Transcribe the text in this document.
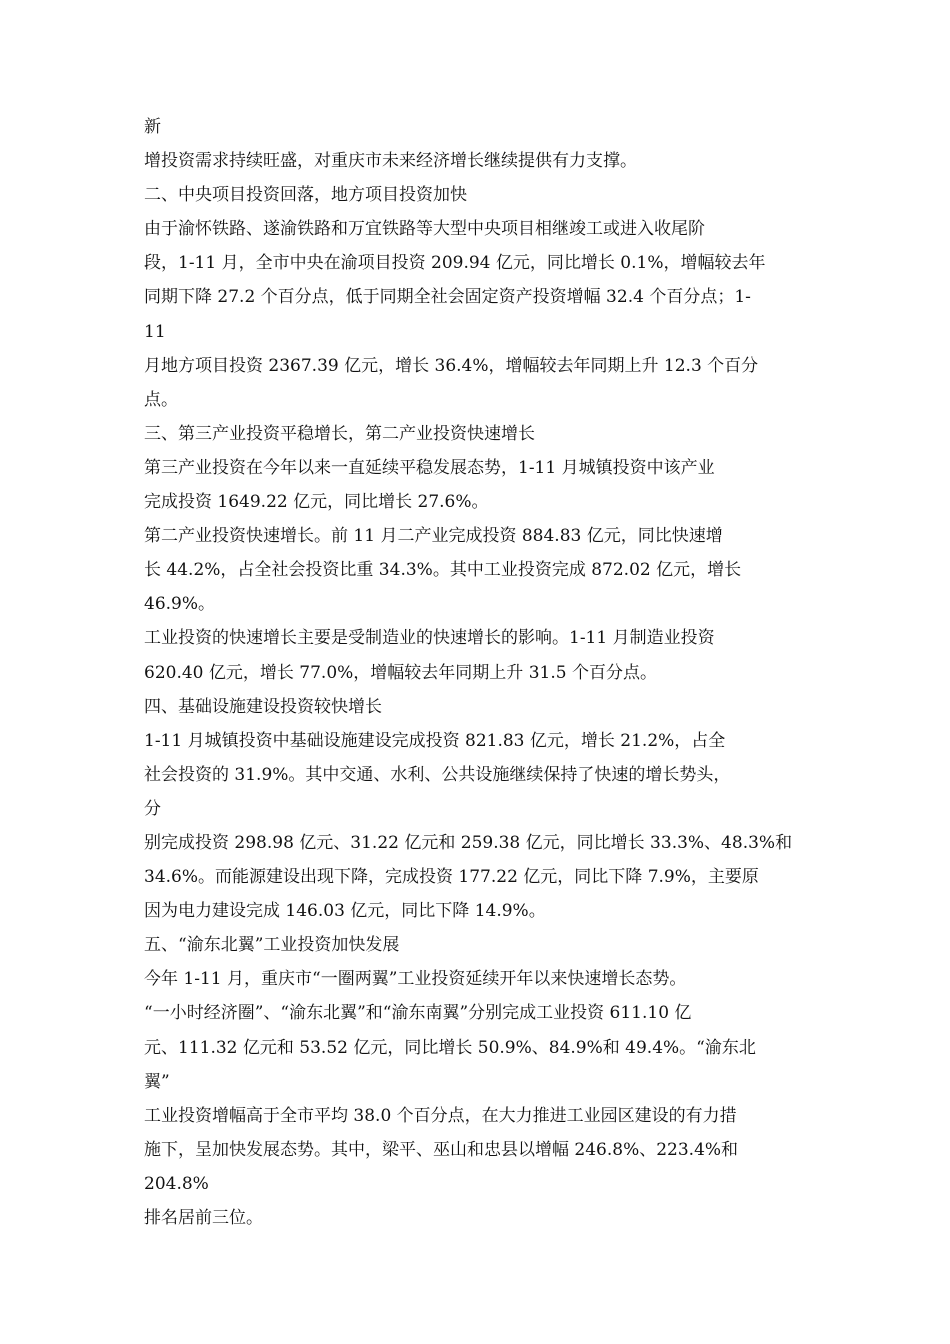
新
增投资需求持续旺盛，对重庆市未来经济增长继续提供有力支撑。
二、中央项目投资回落，地方项目投资加快
由于渝怀铁路、遂渝铁路和万宜铁路等大型中央项目相继竣工或进入收尾阶
段，1-11 月，全市中央在渝项目投资 209.94 亿元，同比增长 0.1%，增幅较去年
同期下降 27.2 个百分点，低于同期全社会固定资产投资增幅 32.4 个百分点；1-
11
月地方项目投资 2367.39 亿元，增长 36.4%，增幅较去年同期上升 12.3 个百分
点。
三、第三产业投资平稳增长，第二产业投资快速增长
第三产业投资在今年以来一直延续平稳发展态势，1-11 月城镇投资中该产业
完成投资 1649.22 亿元，同比增长 27.6%。
第二产业投资快速增长。前 11 月二产业完成投资 884.83 亿元，同比快速增
长 44.2%，占全社会投资比重 34.3%。其中工业投资完成 872.02 亿元，增长
46.9%。
工业投资的快速增长主要是受制造业的快速增长的影响。1-11 月制造业投资
620.40 亿元，增长 77.0%，增幅较去年同期上升 31.5 个百分点。
四、基础设施建设投资较快增长
1-11 月城镇投资中基础设施建设完成投资 821.83 亿元，增长 21.2%，占全
社会投资的 31.9%。其中交通、水利、公共设施继续保持了快速的增长势头，
分
别完成投资 298.98 亿元、31.22 亿元和 259.38 亿元，同比增长 33.3%、48.3%和
34.6%。而能源建设出现下降，完成投资 177.22 亿元，同比下降 7.9%，主要原
因为电力建设完成 146.03 亿元，同比下降 14.9%。
五、“渝东北翼”工业投资加快发展
今年 1-11 月，重庆市“一圈两翼”工业投资延续开年以来快速增长态势。
“一小时经济圈”、“渝东北翼”和“渝东南翼”分别完成工业投资 611.10 亿
元、111.32 亿元和 53.52 亿元，同比增长 50.9%、84.9%和 49.4%。“渝东北
翼”
工业投资增幅高于全市平均 38.0 个百分点，在大力推进工业园区建设的有力措
施下，呈加快发展态势。其中，梁平、巫山和忠县以增幅 246.8%、223.4%和
204.8%
排名居前三位。
